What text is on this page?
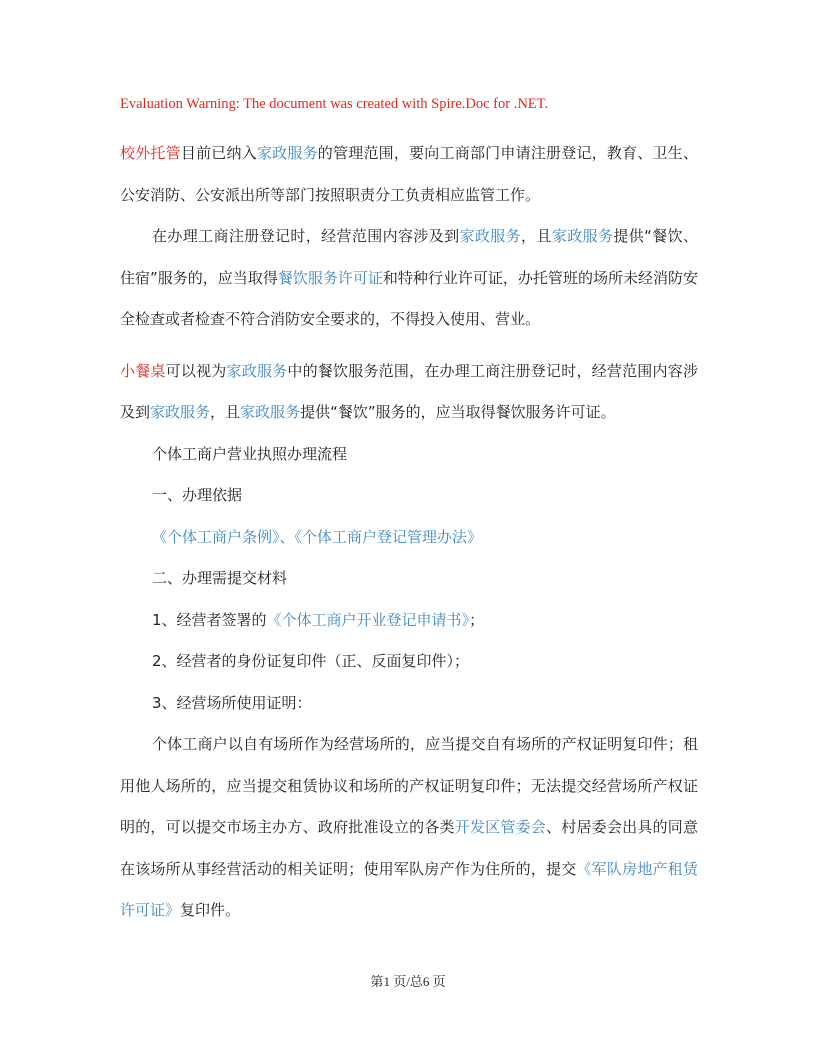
Evaluation Warning: The document was created with Spire.Doc for .NET.

校外托管目前已纳入家政服务的管理范围，要向工商部门申请注册登记，教育、卫生、公安消防、公安派出所等部门按照职责分工负责相应监管工作。

在办理工商注册登记时，经营范围内容涉及到家政服务，且家政服务提供“餐饮、住宿”服务的，应当取得餐饮服务许可证和特种行业许可证，办托管班的场所未经消防安全检查或者检查不符合消防安全要求的，不得投入使用、营业。

小餐桌可以视为家政服务中的餐饮服务范围，在办理工商注册登记时，经营范围内容涉及到家政服务，且家政服务提供“餐饮”服务的，应当取得餐饮服务许可证。

个体工商户营业执照办理流程

一、办理依据

《个体工商户条例》、《个体工商户登记管理办法》

二、办理需提交材料

1、经营者签署的《个体工商户开业登记申请书》；

2、经营者的身份证复印件（正、反面复印件）；

3、经营场所使用证明：

个体工商户以自有场所作为经营场所的，应当提交自有场所的产权证明复印件；租用他人场所的，应当提交租赁协议和场所的产权证明复印件；无法提交经营场所产权证明的，可以提交市场主办方、政府批准设立的各类开发区管委会、村居委会出具的同意在该场所从事经营活动的相关证明；使用军队房产作为住所的，提交《军队房地产租赁许可证》复印件。

第1 页/总6 页
